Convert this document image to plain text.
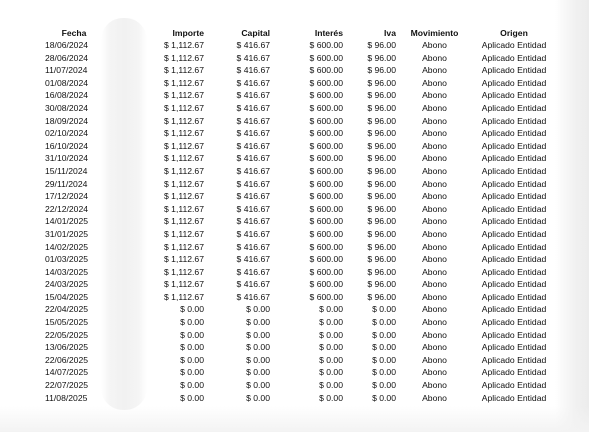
Fecha		Importe	Capital	Interés	Iva	Movimiento	Origen
18/06/2024		$ 1,112.67	$ 416.67	$ 600.00	$ 96.00	Abono	Aplicado Entidad
28/06/2024		$ 1,112.67	$ 416.67	$ 600.00	$ 96.00	Abono	Aplicado Entidad
11/07/2024		$ 1,112.67	$ 416.67	$ 600.00	$ 96.00	Abono	Aplicado Entidad
01/08/2024		$ 1,112.67	$ 416.67	$ 600.00	$ 96.00	Abono	Aplicado Entidad
16/08/2024		$ 1,112.67	$ 416.67	$ 600.00	$ 96.00	Abono	Aplicado Entidad
30/08/2024		$ 1,112.67	$ 416.67	$ 600.00	$ 96.00	Abono	Aplicado Entidad
18/09/2024		$ 1,112.67	$ 416.67	$ 600.00	$ 96.00	Abono	Aplicado Entidad
02/10/2024		$ 1,112.67	$ 416.67	$ 600.00	$ 96.00	Abono	Aplicado Entidad
16/10/2024		$ 1,112.67	$ 416.67	$ 600.00	$ 96.00	Abono	Aplicado Entidad
31/10/2024		$ 1,112.67	$ 416.67	$ 600.00	$ 96.00	Abono	Aplicado Entidad
15/11/2024		$ 1,112.67	$ 416.67	$ 600.00	$ 96.00	Abono	Aplicado Entidad
29/11/2024		$ 1,112.67	$ 416.67	$ 600.00	$ 96.00	Abono	Aplicado Entidad
17/12/2024		$ 1,112.67	$ 416.67	$ 600.00	$ 96.00	Abono	Aplicado Entidad
22/12/2024		$ 1,112.67	$ 416.67	$ 600.00	$ 96.00	Abono	Aplicado Entidad
14/01/2025		$ 1,112.67	$ 416.67	$ 600.00	$ 96.00	Abono	Aplicado Entidad
31/01/2025		$ 1,112.67	$ 416.67	$ 600.00	$ 96.00	Abono	Aplicado Entidad
14/02/2025		$ 1,112.67	$ 416.67	$ 600.00	$ 96.00	Abono	Aplicado Entidad
01/03/2025		$ 1,112.67	$ 416.67	$ 600.00	$ 96.00	Abono	Aplicado Entidad
14/03/2025		$ 1,112.67	$ 416.67	$ 600.00	$ 96.00	Abono	Aplicado Entidad
24/03/2025		$ 1,112.67	$ 416.67	$ 600.00	$ 96.00	Abono	Aplicado Entidad
15/04/2025		$ 1,112.67	$ 416.67	$ 600.00	$ 96.00	Abono	Aplicado Entidad
22/04/2025		$ 0.00	$ 0.00	$ 0.00	$ 0.00	Abono	Aplicado Entidad
15/05/2025		$ 0.00	$ 0.00	$ 0.00	$ 0.00	Abono	Aplicado Entidad
22/05/2025		$ 0.00	$ 0.00	$ 0.00	$ 0.00	Abono	Aplicado Entidad
13/06/2025		$ 0.00	$ 0.00	$ 0.00	$ 0.00	Abono	Aplicado Entidad
22/06/2025		$ 0.00	$ 0.00	$ 0.00	$ 0.00	Abono	Aplicado Entidad
14/07/2025		$ 0.00	$ 0.00	$ 0.00	$ 0.00	Abono	Aplicado Entidad
22/07/2025		$ 0.00	$ 0.00	$ 0.00	$ 0.00	Abono	Aplicado Entidad
11/08/2025		$ 0.00	$ 0.00	$ 0.00	$ 0.00	Abono	Aplicado Entidad
